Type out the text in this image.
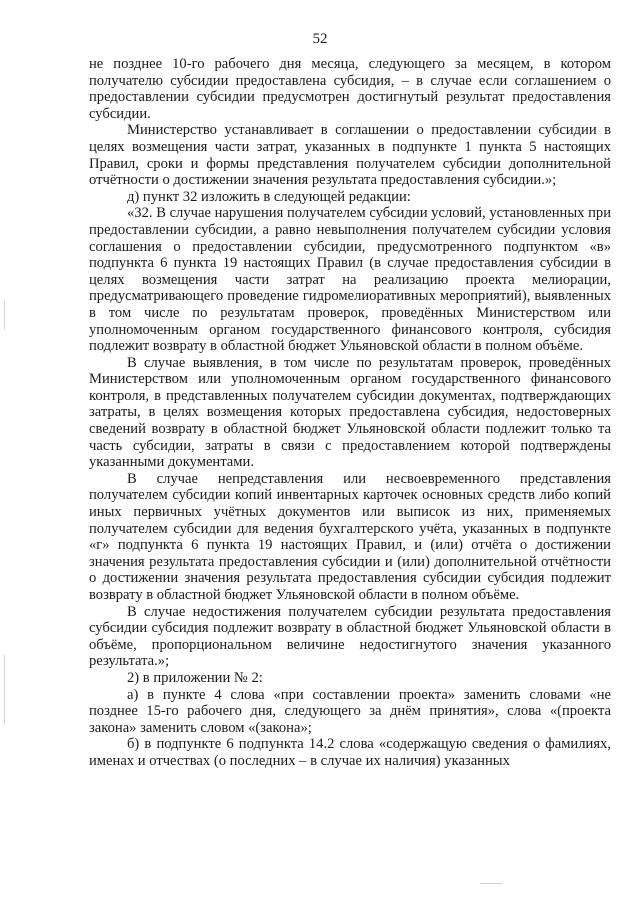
52

не позднее 10-го рабочего дня месяца, следующего за месяцем, в котором получателю субсидии предоставлена субсидия, – в случае если соглашением о предоставлении субсидии предусмотрен достигнутый результат предоставления субсидии.

Министерство устанавливает в соглашении о предоставлении субсидии в целях возмещения части затрат, указанных в подпункте 1 пункта 5 настоящих Правил, сроки и формы представления получателем субсидии дополнительной отчётности о достижении значения результата предоставления субсидии.»;

д) пункт 32 изложить в следующей редакции:

«32. В случае нарушения получателем субсидии условий, установленных при предоставлении субсидии, а равно невыполнения получателем субсидии условия соглашения о предоставлении субсидии, предусмотренного подпунктом «в» подпункта 6 пункта 19 настоящих Правил (в случае предоставления субсидии в целях возмещения части затрат на реализацию проекта мелиорации, предусматривающего проведение гидромелиоративных мероприятий), выявленных в том числе по результатам проверок, проведённых Министерством или уполномоченным органом государственного финансового контроля, субсидия подлежит возврату в областной бюджет Ульяновской области в полном объёме.

В случае выявления, в том числе по результатам проверок, проведённых Министерством или уполномоченным органом государственного финансового контроля, в представленных получателем субсидии документах, подтверждающих затраты, в целях возмещения которых предоставлена субсидия, недостоверных сведений возврату в областной бюджет Ульяновской области подлежит только та часть субсидии, затраты в связи с предоставлением которой подтверждены указанными документами.

В случае непредставления или несвоевременного представления получателем субсидии копий инвентарных карточек основных средств либо копий иных первичных учётных документов или выписок из них, применяемых получателем субсидии для ведения бухгалтерского учёта, указанных в подпункте «г» подпункта 6 пункта 19 настоящих Правил, и (или) отчёта о достижении значения результата предоставления субсидии и (или) дополнительной отчётности о достижении значения результата предоставления субсидии субсидия подлежит возврату в областной бюджет Ульяновской области в полном объёме.

В случае недостижения получателем субсидии результата предоставления субсидии субсидия подлежит возврату в областной бюджет Ульяновской области в объёме, пропорциональном величине недостигнутого значения указанного результата.»;

2) в приложении № 2:

а) в пункте 4 слова «при составлении проекта» заменить словами «не позднее 15-го рабочего дня, следующего за днём принятия», слова «(проекта закона» заменить словом «(закона»;

б) в подпункте 6 подпункта 14.2 слова «содержащую сведения о фамилиях, именах и отчествах (о последних – в случае их наличия) указанных
